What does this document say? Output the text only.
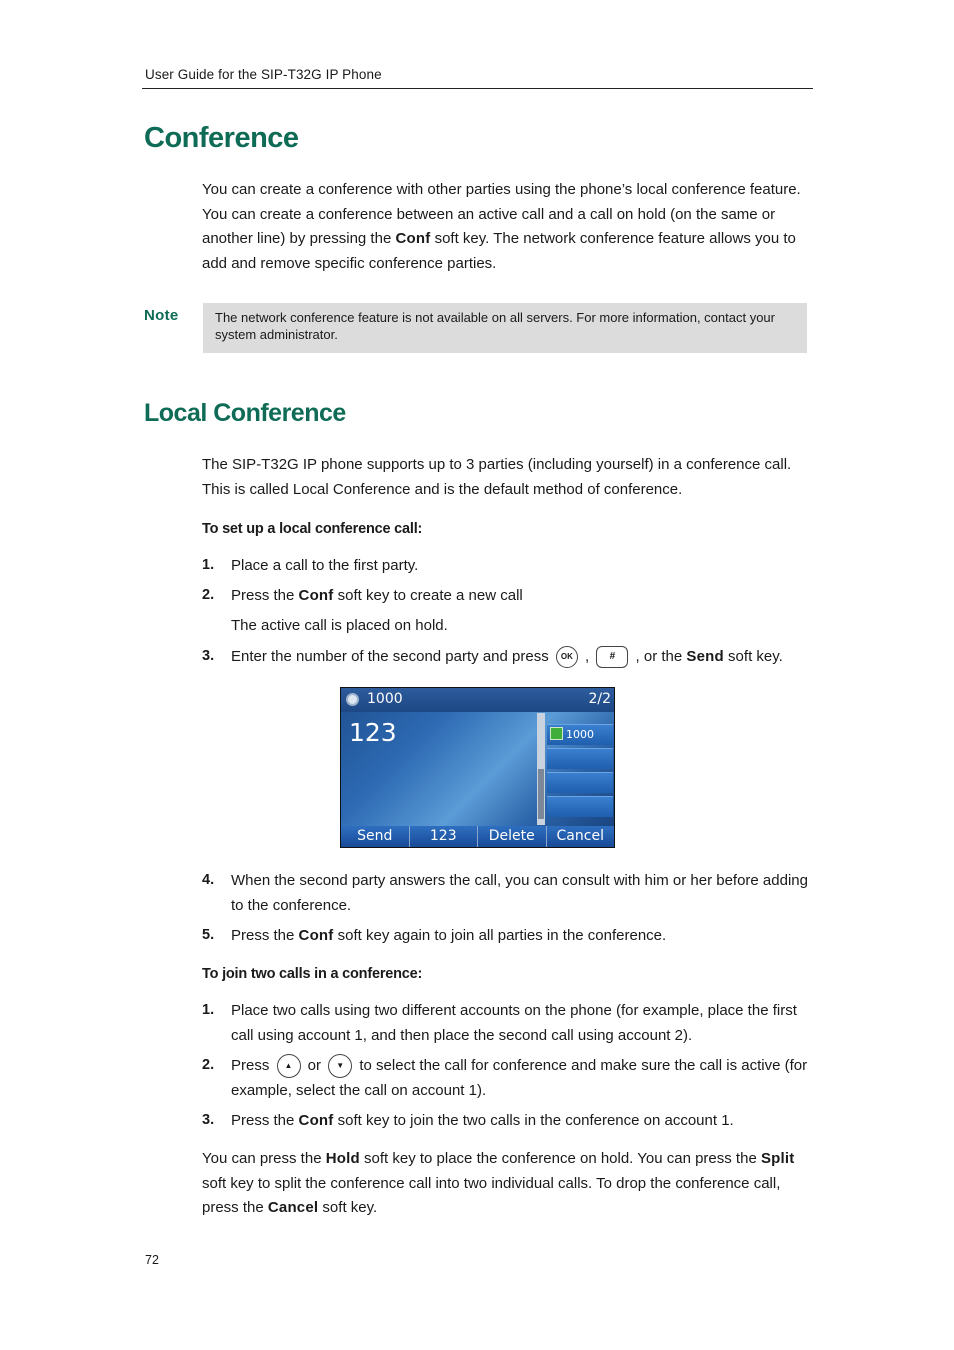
User Guide for the SIP-T32G IP Phone
Conference
You can create a conference with other parties using the phone’s local conference feature. You can create a conference between an active call and a call on hold (on the same or another line) by pressing the Conf soft key. The network conference feature allows you to add and remove specific conference parties.
Note	The network conference feature is not available on all servers. For more information, contact your system administrator.
Local Conference
The SIP-T32G IP phone supports up to 3 parties (including yourself) in a conference call. This is called Local Conference and is the default method of conference.
To set up a local conference call:
1. Place a call to the first party.
2. Press the Conf soft key to create a new call
The active call is placed on hold.
3. Enter the number of the second party and press OK , # , or the Send soft key.
1000	2/2
123	1000
Send	123	Delete	Cancel
4. When the second party answers the call, you can consult with him or her before adding to the conference.
5. Press the Conf soft key again to join all parties in the conference.
To join two calls in a conference:
1. Place two calls using two different accounts on the phone (for example, place the first call using account 1, and then place the second call using account 2).
2. Press ▲ or ▼ to select the call for conference and make sure the call is active (for example, select the call on account 1).
3. Press the Conf soft key to join the two calls in the conference on account 1.
You can press the Hold soft key to place the conference on hold. You can press the Split soft key to split the conference call into two individual calls. To drop the conference call, press the Cancel soft key.
72
